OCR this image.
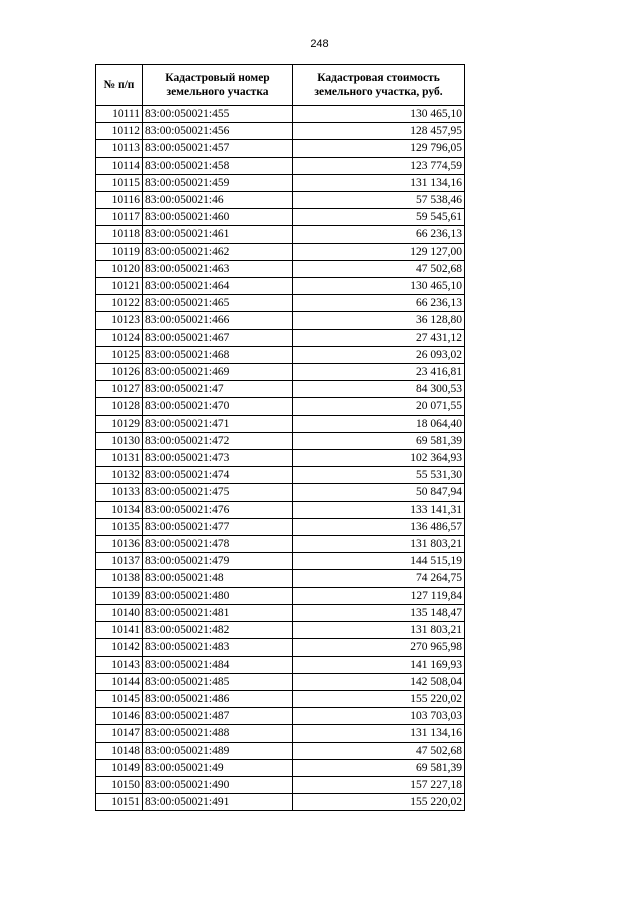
248
№ п/п	Кадастровый номер земельного участка	Кадастровая стоимость земельного участка, руб.
10111	83:00:050021:455	130 465,10
10112	83:00:050021:456	128 457,95
10113	83:00:050021:457	129 796,05
10114	83:00:050021:458	123 774,59
10115	83:00:050021:459	131 134,16
10116	83:00:050021:46	57 538,46
10117	83:00:050021:460	59 545,61
10118	83:00:050021:461	66 236,13
10119	83:00:050021:462	129 127,00
10120	83:00:050021:463	47 502,68
10121	83:00:050021:464	130 465,10
10122	83:00:050021:465	66 236,13
10123	83:00:050021:466	36 128,80
10124	83:00:050021:467	27 431,12
10125	83:00:050021:468	26 093,02
10126	83:00:050021:469	23 416,81
10127	83:00:050021:47	84 300,53
10128	83:00:050021:470	20 071,55
10129	83:00:050021:471	18 064,40
10130	83:00:050021:472	69 581,39
10131	83:00:050021:473	102 364,93
10132	83:00:050021:474	55 531,30
10133	83:00:050021:475	50 847,94
10134	83:00:050021:476	133 141,31
10135	83:00:050021:477	136 486,57
10136	83:00:050021:478	131 803,21
10137	83:00:050021:479	144 515,19
10138	83:00:050021:48	74 264,75
10139	83:00:050021:480	127 119,84
10140	83:00:050021:481	135 148,47
10141	83:00:050021:482	131 803,21
10142	83:00:050021:483	270 965,98
10143	83:00:050021:484	141 169,93
10144	83:00:050021:485	142 508,04
10145	83:00:050021:486	155 220,02
10146	83:00:050021:487	103 703,03
10147	83:00:050021:488	131 134,16
10148	83:00:050021:489	47 502,68
10149	83:00:050021:49	69 581,39
10150	83:00:050021:490	157 227,18
10151	83:00:050021:491	155 220,02
